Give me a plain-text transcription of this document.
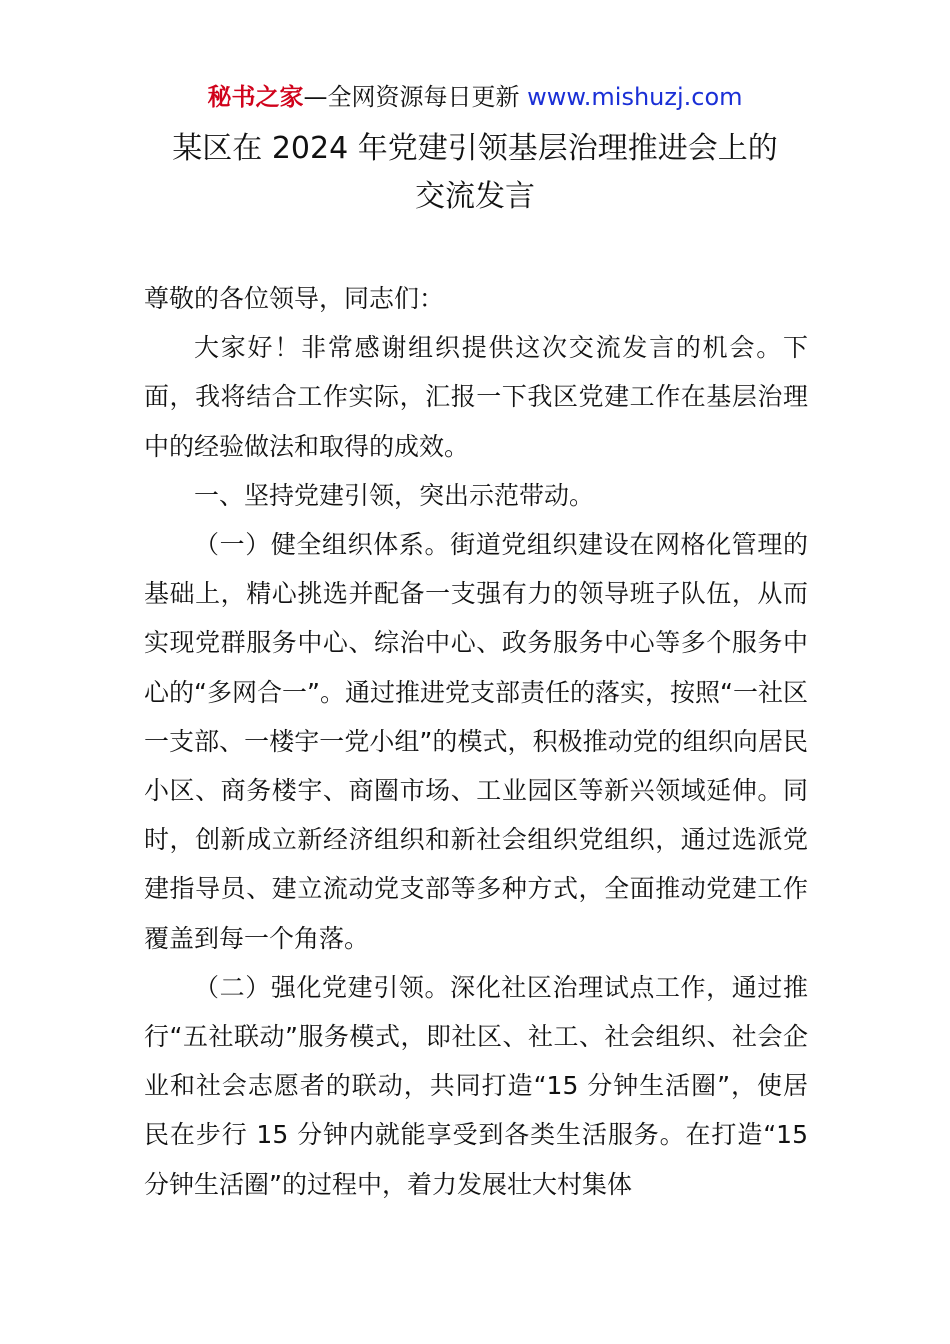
秘书之家—全网资源每日更新 www.mishuzj.com
某区在 2024 年党建引领基层治理推进会上的
交流发言

尊敬的各位领导，同志们：

大家好！非常感谢组织提供这次交流发言的机会。下面，我将结合工作实际，汇报一下我区党建工作在基层治理中的经验做法和取得的成效。

一、坚持党建引领，突出示范带动。

（一）健全组织体系。街道党组织建设在网格化管理的基础上，精心挑选并配备一支强有力的领导班子队伍，从而实现党群服务中心、综治中心、政务服务中心等多个服务中心的“多网合一”。通过推进党支部责任的落实，按照“一社区一支部、一楼宇一党小组”的模式，积极推动党的组织向居民小区、商务楼宇、商圈市场、工业园区等新兴领域延伸。同时，创新成立新经济组织和新社会组织党组织，通过选派党建指导员、建立流动党支部等多种方式，全面推动党建工作覆盖到每一个角落。

（二）强化党建引领。深化社区治理试点工作，通过推行“五社联动”服务模式，即社区、社工、社会组织、社会企业和社会志愿者的联动，共同打造“15 分钟生活圈”，使居民在步行 15 分钟内就能享受到各类生活服务。在打造“15 分钟生活圈”的过程中，着力发展壮大村集体
